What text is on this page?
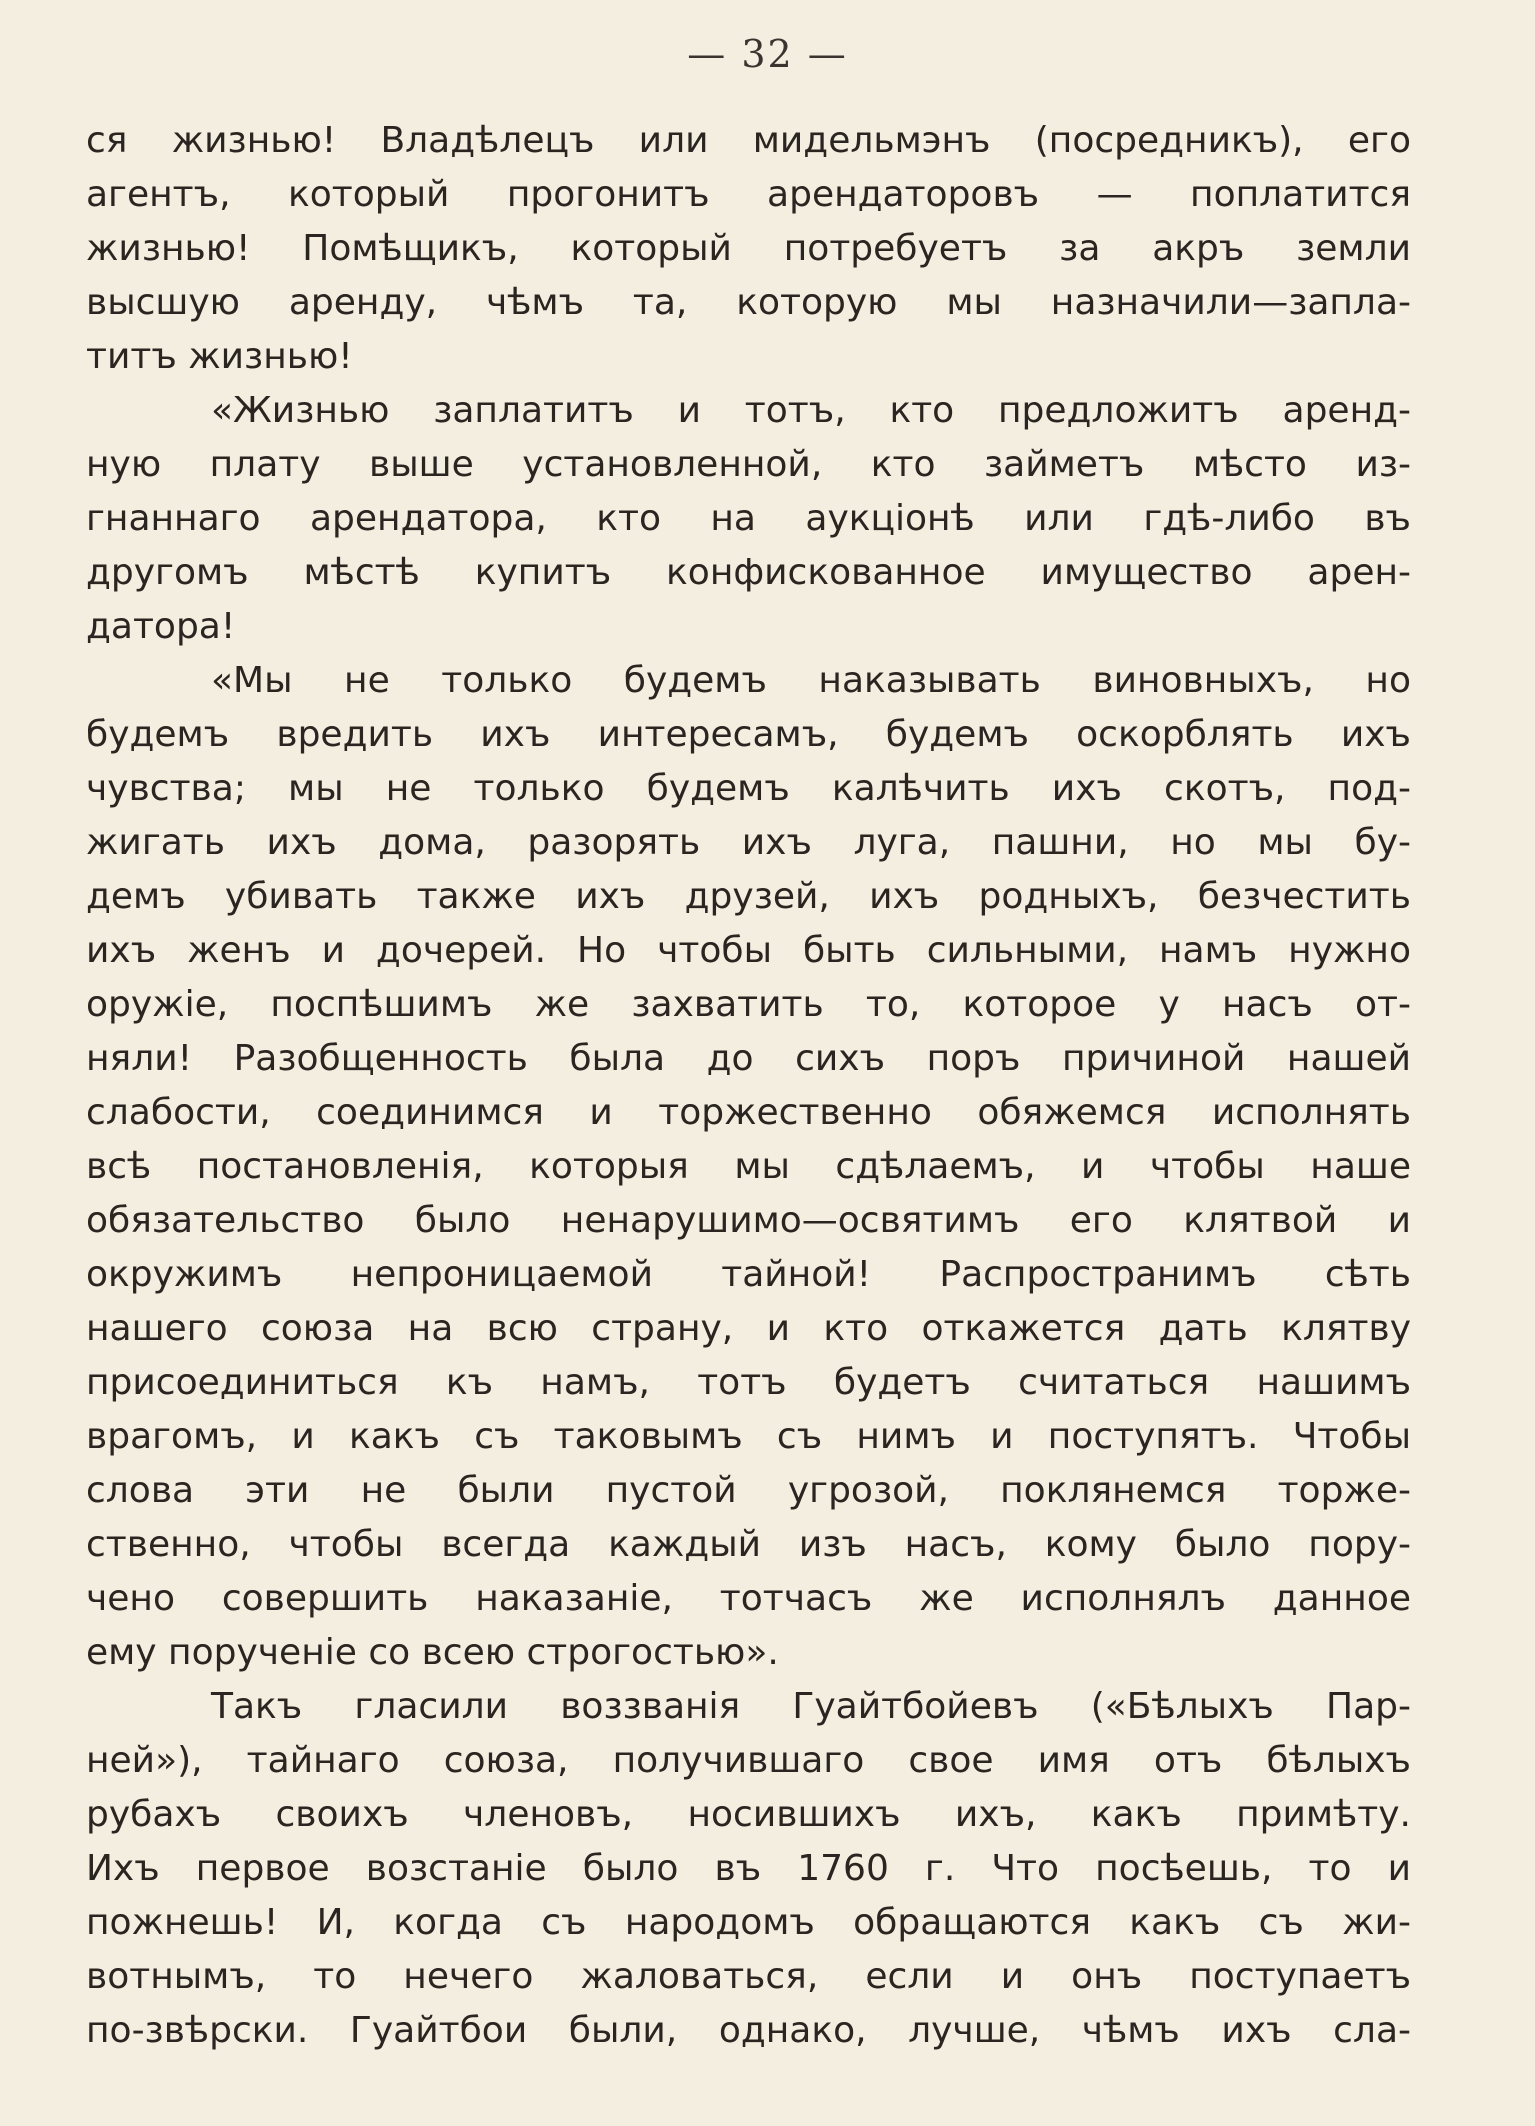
— 32 —
ся жизнью! Владѣлецъ или мидельмэнъ (посредникъ), его
агентъ, который прогонитъ арендаторовъ — поплатится
жизнью! Помѣщикъ, который потребуетъ за акръ земли
высшую аренду, чѣмъ та, которую мы назначили—запла-
титъ жизнью!
«Жизнью заплатитъ и тотъ, кто предложитъ аренд-
ную плату выше установленной, кто займетъ мѣсто из-
гнаннаго арендатора, кто на аукціонѣ или гдѣ-либо въ
другомъ мѣстѣ купитъ конфискованное имущество арен-
датора!
«Мы не только будемъ наказывать виновныхъ, но
будемъ вредить ихъ интересамъ, будемъ оскорблять ихъ
чувства; мы не только будемъ калѣчить ихъ скотъ, под-
жигать ихъ дома, разорять ихъ луга, пашни, но мы бу-
демъ убивать также ихъ друзей, ихъ родныхъ, безчестить
ихъ женъ и дочерей. Но чтобы быть сильными, намъ нужно
оружіе, поспѣшимъ же захватить то, которое у насъ от-
няли! Разобщенность была до сихъ поръ причиной нашей
слабости, соединимся и торжественно обяжемся исполнять
всѣ постановленія, которыя мы сдѣлаемъ, и чтобы наше
обязательство было ненарушимо—освятимъ его клятвой и
окружимъ непроницаемой тайной! Распространимъ сѣть
нашего союза на всю страну, и кто откажется дать клятву
присоединиться къ намъ, тотъ будетъ считаться нашимъ
врагомъ, и какъ съ таковымъ съ нимъ и поступятъ. Чтобы
слова эти не были пустой угрозой, поклянемся торже-
ственно, чтобы всегда каждый изъ насъ, кому было пору-
чено совершить наказаніе, тотчасъ же исполнялъ данное
ему порученіе со всею строгостью».
Такъ гласили воззванія Гуайтбойевъ («Бѣлыхъ Пар-
ней»), тайнаго союза, получившаго свое имя отъ бѣлыхъ
рубахъ своихъ членовъ, носившихъ ихъ, какъ примѣту.
Ихъ первое возстаніе было въ 1760 г. Что посѣешь, то и
пожнешь! И, когда съ народомъ обращаются какъ съ жи-
вотнымъ, то нечего жаловаться, если и онъ поступаетъ
по-звѣрски. Гуайтбои были, однако, лучше, чѣмъ ихъ сла-
